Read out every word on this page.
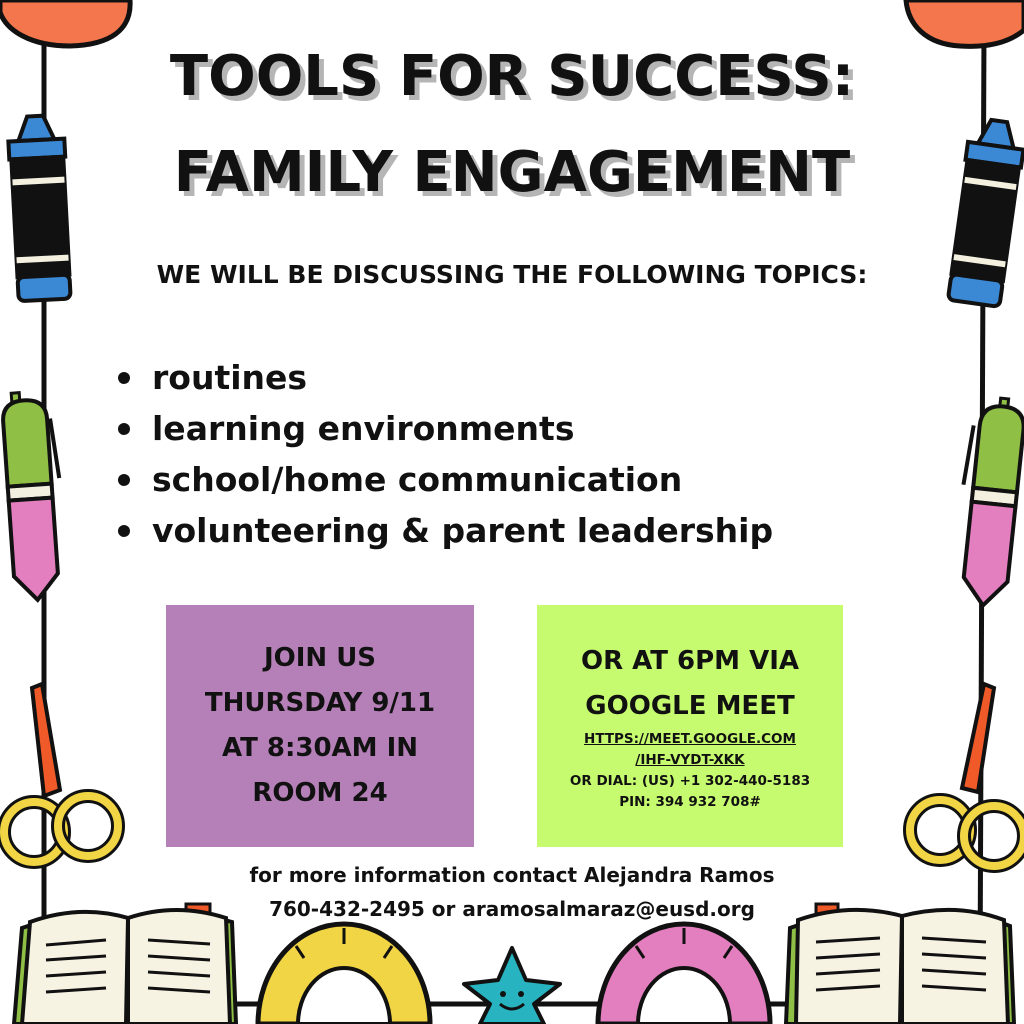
TOOLS FOR SUCCESS:
FAMILY ENGAGEMENT
WE WILL BE DISCUSSING THE FOLLOWING TOPICS:
routines
learning environments
school/home communication
volunteering & parent leadership
JOIN US
THURSDAY 9/11
AT 8:30AM IN
ROOM 24
OR AT 6PM VIA
GOOGLE MEET
HTTPS://MEET.GOOGLE.COM
/IHF-VYDT-XKK
OR DIAL: (US) +1 302-440-5183
PIN: 394 932 708#
for more information contact Alejandra Ramos
760-432-2495 or aramosalmaraz@eusd.org
